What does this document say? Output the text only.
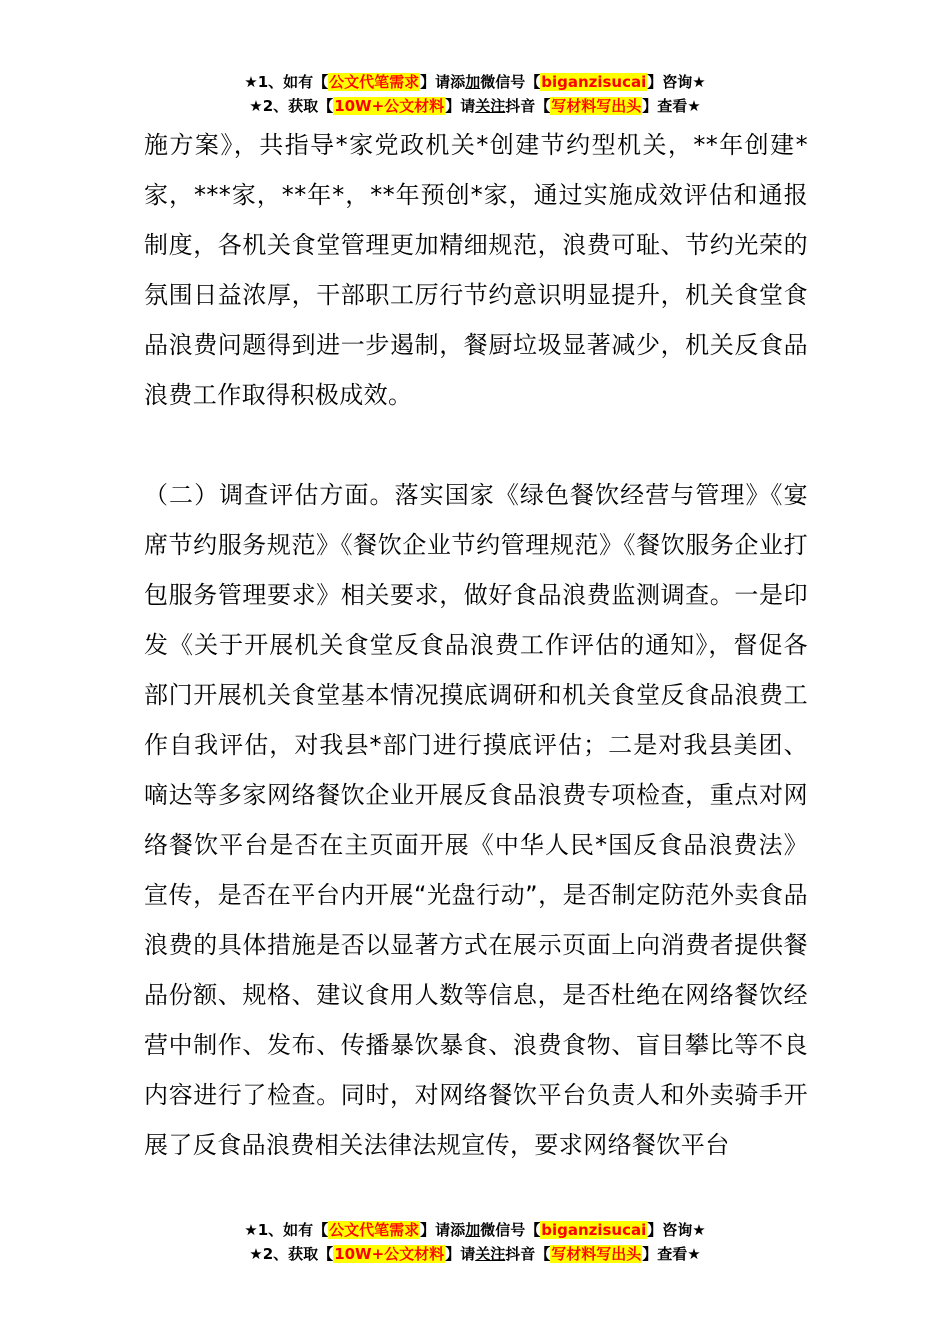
★1、如有【公文代笔需求】请添加微信号【biganzisucai】咨询★
★2、获取【10W+公文材料】请关注抖音【写材料写出头】查看★

施方案》，共指导*家党政机关*创建节约型机关，**年创建*家，***家，**年*，**年预创*家，通过实施成效评估和通报制度，各机关食堂管理更加精细规范，浪费可耻、节约光荣的氛围日益浓厚，干部职工厉行节约意识明显提升，机关食堂食品浪费问题得到进一步遏制，餐厨垃圾显著减少，机关反食品浪费工作取得积极成效。

（二）调查评估方面。落实国家《绿色餐饮经营与管理》《宴席节约服务规范》《餐饮企业节约管理规范》《餐饮服务企业打包服务管理要求》相关要求，做好食品浪费监测调查。一是印发《关于开展机关食堂反食品浪费工作评估的通知》，督促各部门开展机关食堂基本情况摸底调研和机关食堂反食品浪费工作自我评估，对我县*部门进行摸底评估；二是对我县美团、嘀达等多家网络餐饮企业开展反食品浪费专项检查，重点对网络餐饮平台是否在主页面开展《中华人民*国反食品浪费法》宣传，是否在平台内开展“光盘行动”，是否制定防范外卖食品浪费的具体措施是否以显著方式在展示页面上向消费者提供餐品份额、规格、建议食用人数等信息，是否杜绝在网络餐饮经营中制作、发布、传播暴饮暴食、浪费食物、盲目攀比等不良内容进行了检查。同时，对网络餐饮平台负责人和外卖骑手开展了反食品浪费相关法律法规宣传，要求网络餐饮平台

★1、如有【公文代笔需求】请添加微信号【biganzisucai】咨询★
★2、获取【10W+公文材料】请关注抖音【写材料写出头】查看★
